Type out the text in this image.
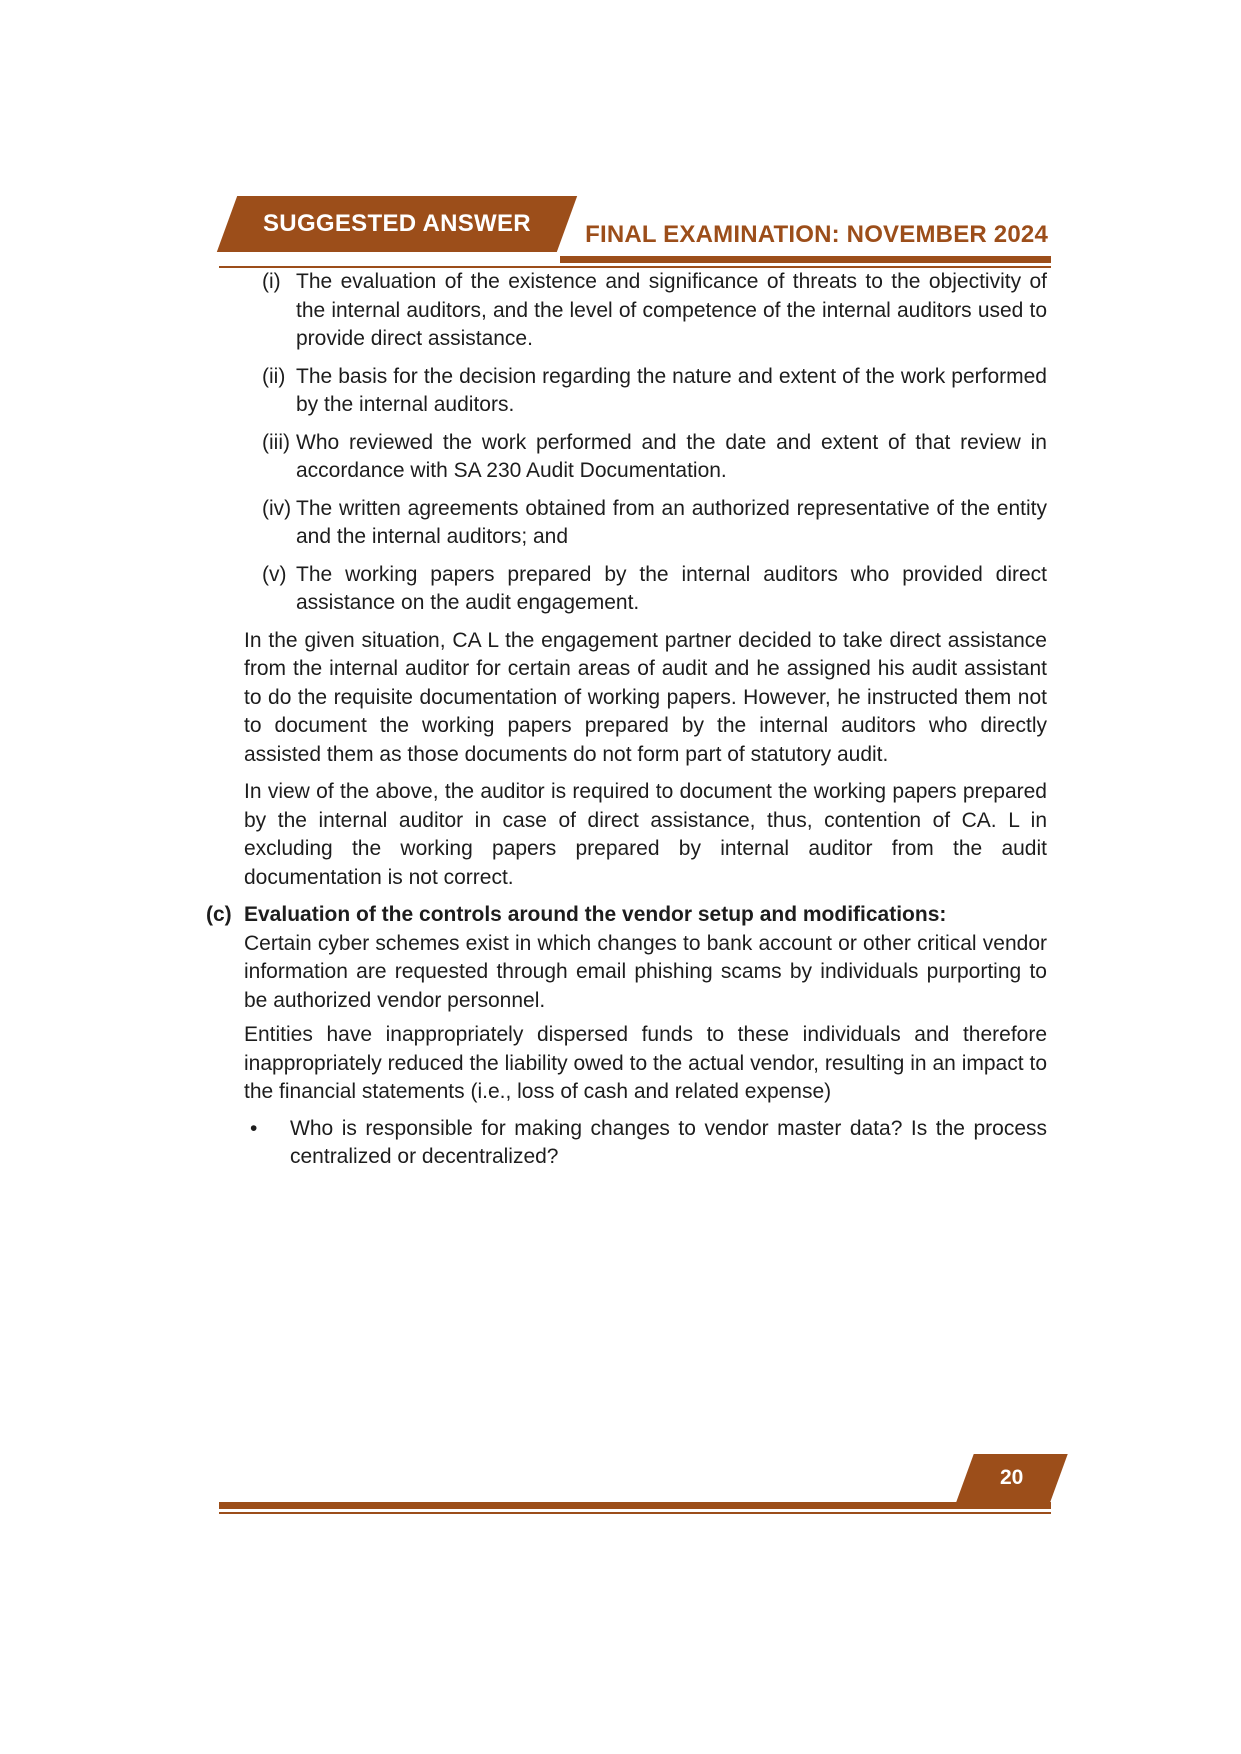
SUGGESTED ANSWER FINAL EXAMINATION: NOVEMBER 2024
(i) The evaluation of the existence and significance of threats to the objectivity of the internal auditors, and the level of competence of the internal auditors used to provide direct assistance.
(ii) The basis for the decision regarding the nature and extent of the work performed by the internal auditors.
(iii) Who reviewed the work performed and the date and extent of that review in accordance with SA 230 Audit Documentation.
(iv) The written agreements obtained from an authorized representative of the entity and the internal auditors; and
(v) The working papers prepared by the internal auditors who provided direct assistance on the audit engagement.
In the given situation, CA L the engagement partner decided to take direct assistance from the internal auditor for certain areas of audit and he assigned his audit assistant to do the requisite documentation of working papers. However, he instructed them not to document the working papers prepared by the internal auditors who directly assisted them as those documents do not form part of statutory audit.
In view of the above, the auditor is required to document the working papers prepared by the internal auditor in case of direct assistance, thus, contention of CA. L in excluding the working papers prepared by internal auditor from the audit documentation is not correct.
(c) Evaluation of the controls around the vendor setup and modifications:
Certain cyber schemes exist in which changes to bank account or other critical vendor information are requested through email phishing scams by individuals purporting to be authorized vendor personnel.
Entities have inappropriately dispersed funds to these individuals and therefore inappropriately reduced the liability owed to the actual vendor, resulting in an impact to the financial statements (i.e., loss of cash and related expense)
•	Who is responsible for making changes to vendor master data? Is the process centralized or decentralized?
20
